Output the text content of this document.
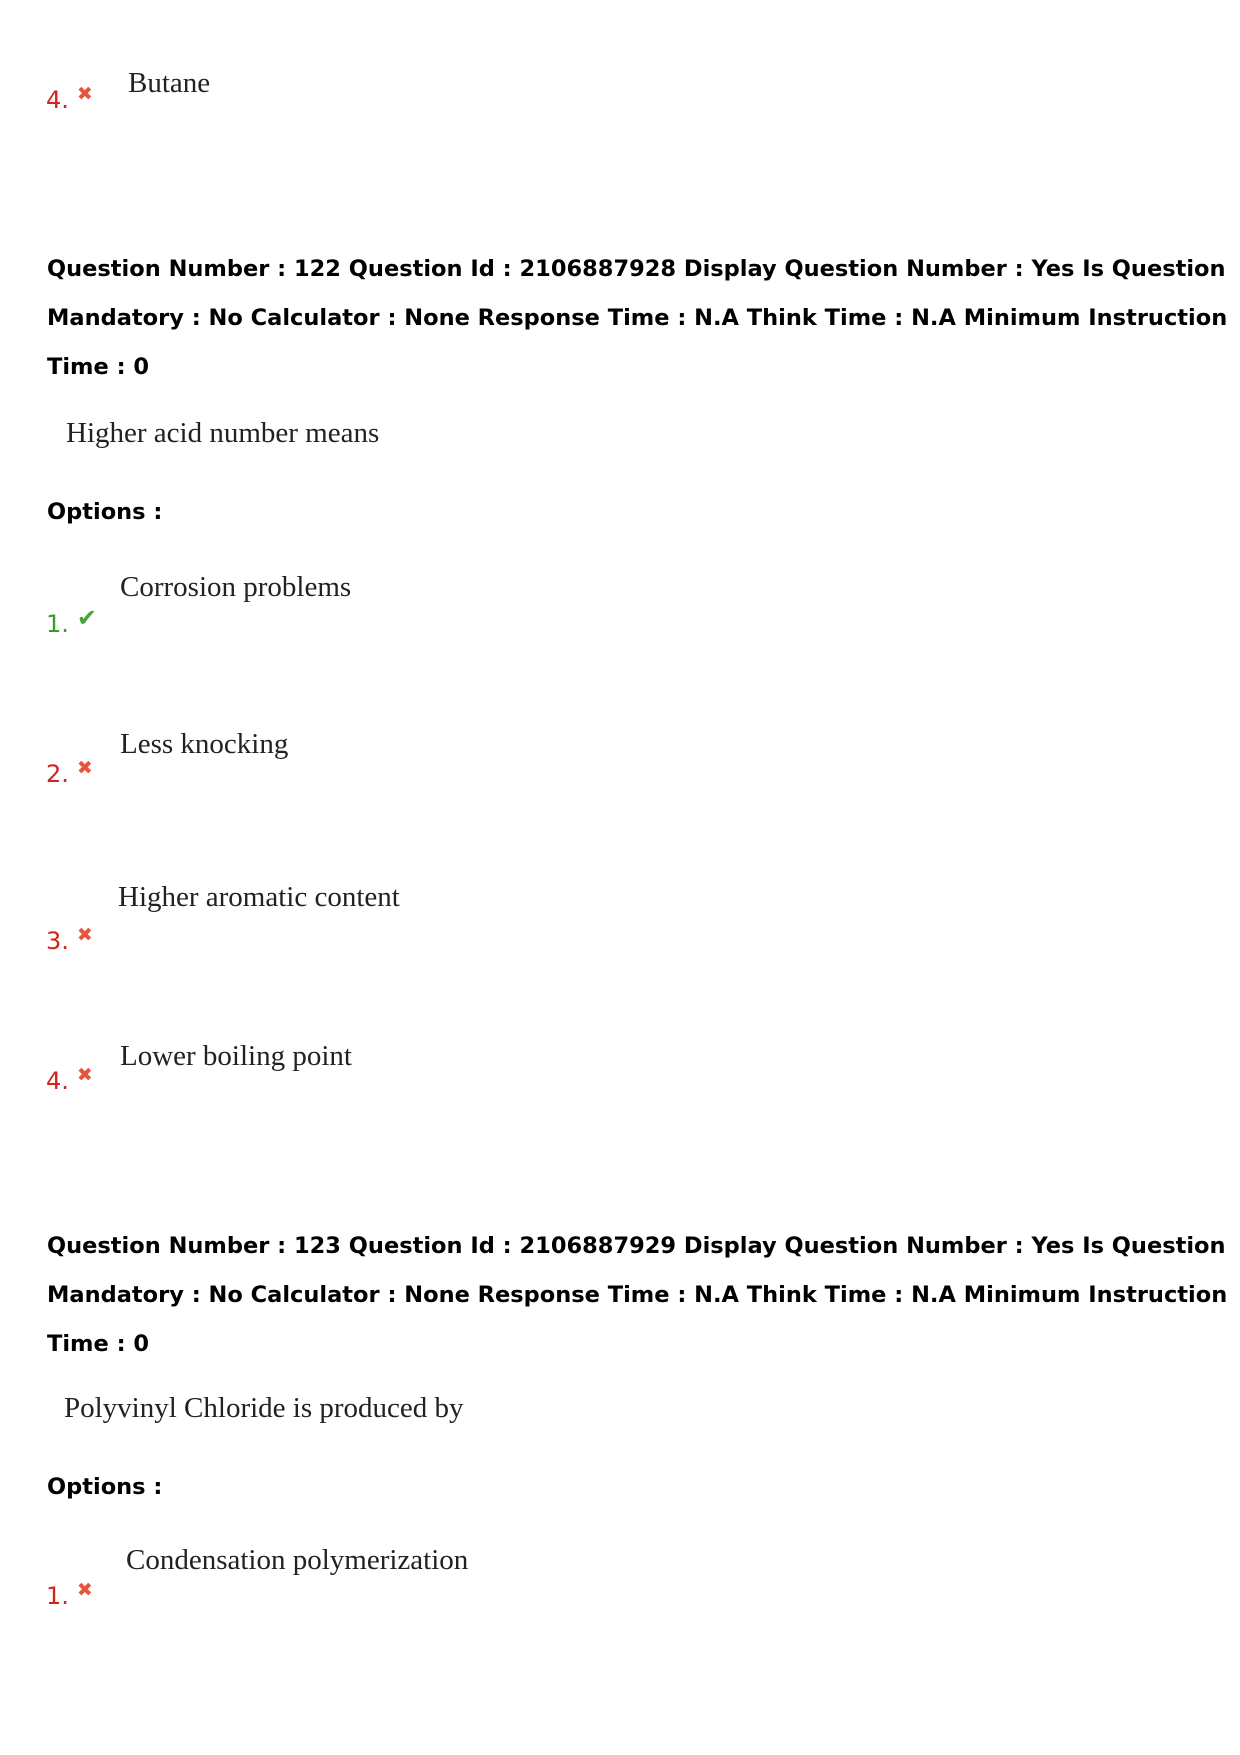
4. ✖ Butane
Question Number : 122 Question Id : 2106887928 Display Question Number : Yes Is Question
Mandatory : No Calculator : None Response Time : N.A Think Time : N.A Minimum Instruction
Time : 0
Higher acid number means
Options :
1. ✔
Corrosion problems
2. ✖
Less knocking
3. ✖
Higher aromatic content
4. ✖
Lower boiling point
Question Number : 123 Question Id : 2106887929 Display Question Number : Yes Is Question
Mandatory : No Calculator : None Response Time : N.A Think Time : N.A Minimum Instruction
Time : 0
Polyvinyl Chloride is produced by
Options :
1. ✖
Condensation polymerization
